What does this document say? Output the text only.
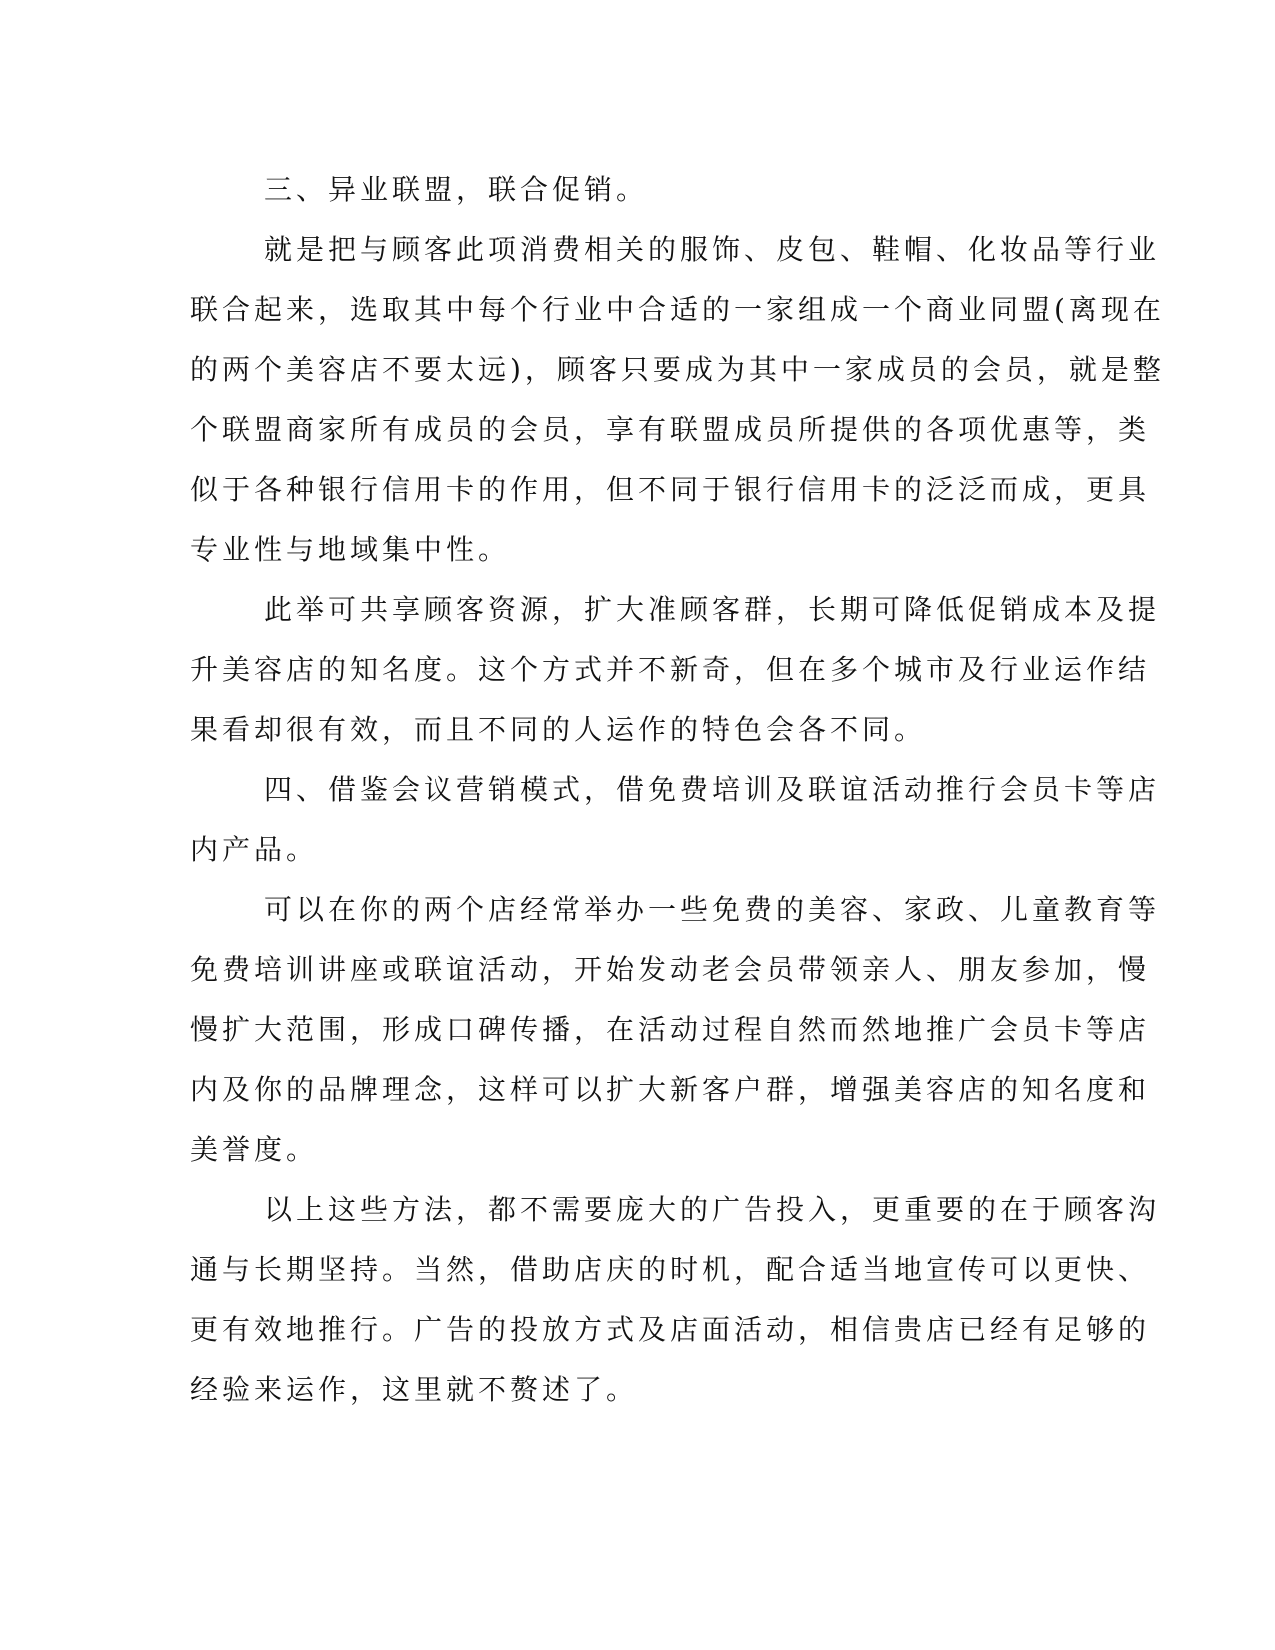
三、异业联盟，联合促销。
就是把与顾客此项消费相关的服饰、皮包、鞋帽、化妆品等行业
联合起来，选取其中每个行业中合适的一家组成一个商业同盟(离现在
的两个美容店不要太远)，顾客只要成为其中一家成员的会员，就是整
个联盟商家所有成员的会员，享有联盟成员所提供的各项优惠等，类
似于各种银行信用卡的作用，但不同于银行信用卡的泛泛而成，更具
专业性与地域集中性。
此举可共享顾客资源，扩大准顾客群，长期可降低促销成本及提
升美容店的知名度。这个方式并不新奇，但在多个城市及行业运作结
果看却很有效，而且不同的人运作的特色会各不同。
四、借鉴会议营销模式，借免费培训及联谊活动推行会员卡等店
内产品。
可以在你的两个店经常举办一些免费的美容、家政、儿童教育等
免费培训讲座或联谊活动，开始发动老会员带领亲人、朋友参加，慢
慢扩大范围，形成口碑传播，在活动过程自然而然地推广会员卡等店
内及你的品牌理念，这样可以扩大新客户群，增强美容店的知名度和
美誉度。
以上这些方法，都不需要庞大的广告投入，更重要的在于顾客沟
通与长期坚持。当然，借助店庆的时机，配合适当地宣传可以更快、
更有效地推行。广告的投放方式及店面活动，相信贵店已经有足够的
经验来运作，这里就不赘述了。
